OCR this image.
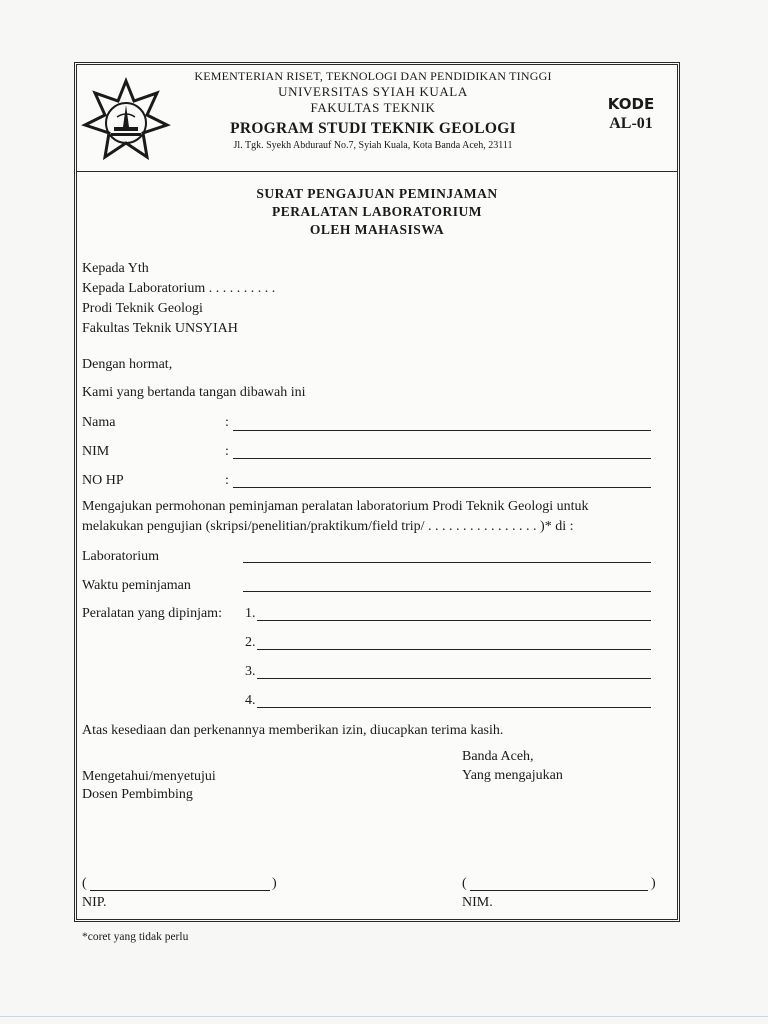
KEMENTERIAN RISET, TEKNOLOGI DAN PENDIDIKAN TINGGI
UNIVERSITAS SYIAH KUALA
FAKULTAS TEKNIK
PROGRAM STUDI TEKNIK GEOLOGI
Jl. Tgk. Syekh Abdurauf No.7, Syiah Kuala, Kota Banda Aceh, 23111
KODE
AL-01
SURAT PENGAJUAN PEMINJAMAN
PERALATAN LABORATORIUM
OLEH MAHASISWA
Kepada Yth
Kepada Laboratorium . . . . . . . . . .
Prodi Teknik Geologi
Fakultas Teknik UNSYIAH
Dengan hormat,
Kami yang bertanda tangan dibawah ini
Nama	:
NIM	:
NO HP	:
Mengajukan permohonan peminjaman peralatan laboratorium Prodi Teknik Geologi untuk
melakukan pengujian (skripsi/penelitian/praktikum/field trip/ . . . . . . . . . . . . . . . . )* di :
Laboratorium
Waktu peminjaman
Peralatan yang dipinjam: 1.
2.
3.
4.
Atas kesediaan dan perkenannya memberikan izin, diucapkan terima kasih.
Banda Aceh,
Yang mengajukan
Mengetahui/menyetujui
Dosen Pembimbing
(	)	(	)
NIP.	NIM.
*coret yang tidak perlu
